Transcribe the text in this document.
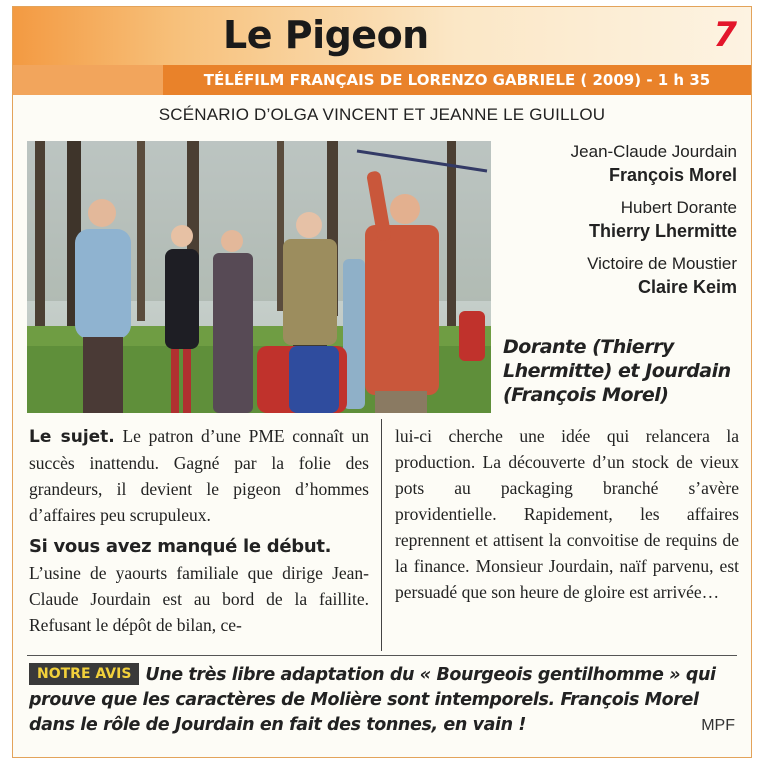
Le Pigeon	7
TÉLÉFILM FRANÇAIS DE LORENZO GABRIELE ( 2009) - 1 h 35
SCÉNARIO D’OLGA VINCENT ET JEANNE LE GUILLOU
Jean-Claude Jourdain
François Morel
Hubert Dorante
Thierry Lhermitte
Victoire de Moustier
Claire Keim
Dorante (Thierry Lhermitte) et Jourdain (François Morel)
Le sujet. Le patron d’une PME connaît un succès inattendu. Gagné par la folie des grandeurs, il devient le pigeon d’hommes d’affaires peu scrupuleux.
Si vous avez manqué le début.
L’usine de yaourts familiale que dirige Jean-Claude Jourdain est au bord de la faillite. Refusant le dépôt de bilan, ce-
lui-ci cherche une idée qui relancera la production. La découverte d’un stock de vieux pots au packaging branché s’avère providentielle. Rapidement, les affaires reprennent et attisent la convoitise de requins de la finance. Monsieur Jourdain, naïf parvenu, est persuadé que son heure de gloire est arrivée…
NOTRE AVIS Une très libre adaptation du « Bourgeois gentilhomme » qui prouve que les caractères de Molière sont intemporels. François Morel dans le rôle de Jourdain en fait des tonnes, en vain !	MPF
